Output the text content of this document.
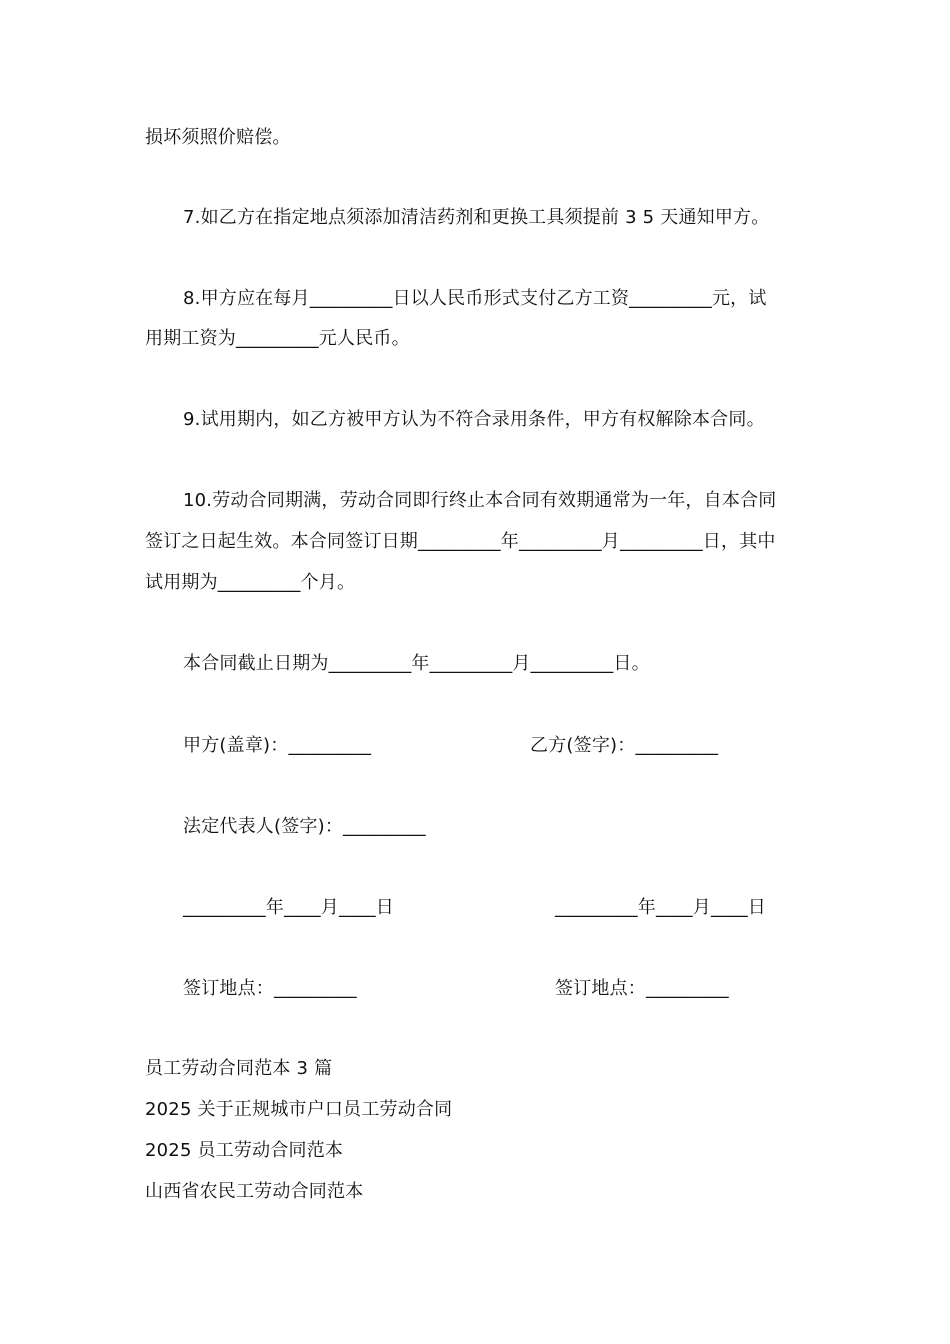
损坏须照价赔偿。
7.如乙方在指定地点须添加清洁药剂和更换工具须提前 3 5 天通知甲方。
8.甲方应在每月_________日以人民币形式支付乙方工资_________元，试
用期工资为_________元人民币。
9.试用期内，如乙方被甲方认为不符合录用条件，甲方有权解除本合同。
10.劳动合同期满，劳动合同即行终止本合同有效期通常为一年，自本合同
签订之日起生效。本合同签订日期_________年_________月_________日，其中
试用期为_________个月。
本合同截止日期为_________年_________月_________日。
甲方(盖章)：_________	乙方(签字)：_________
法定代表人(签字)：_________
_________年____月____日	_________年____月____日
签订地点：_________	签订地点：_________
员工劳动合同范本 3 篇
2025 关于正规城市户口员工劳动合同
2025 员工劳动合同范本
山西省农民工劳动合同范本
